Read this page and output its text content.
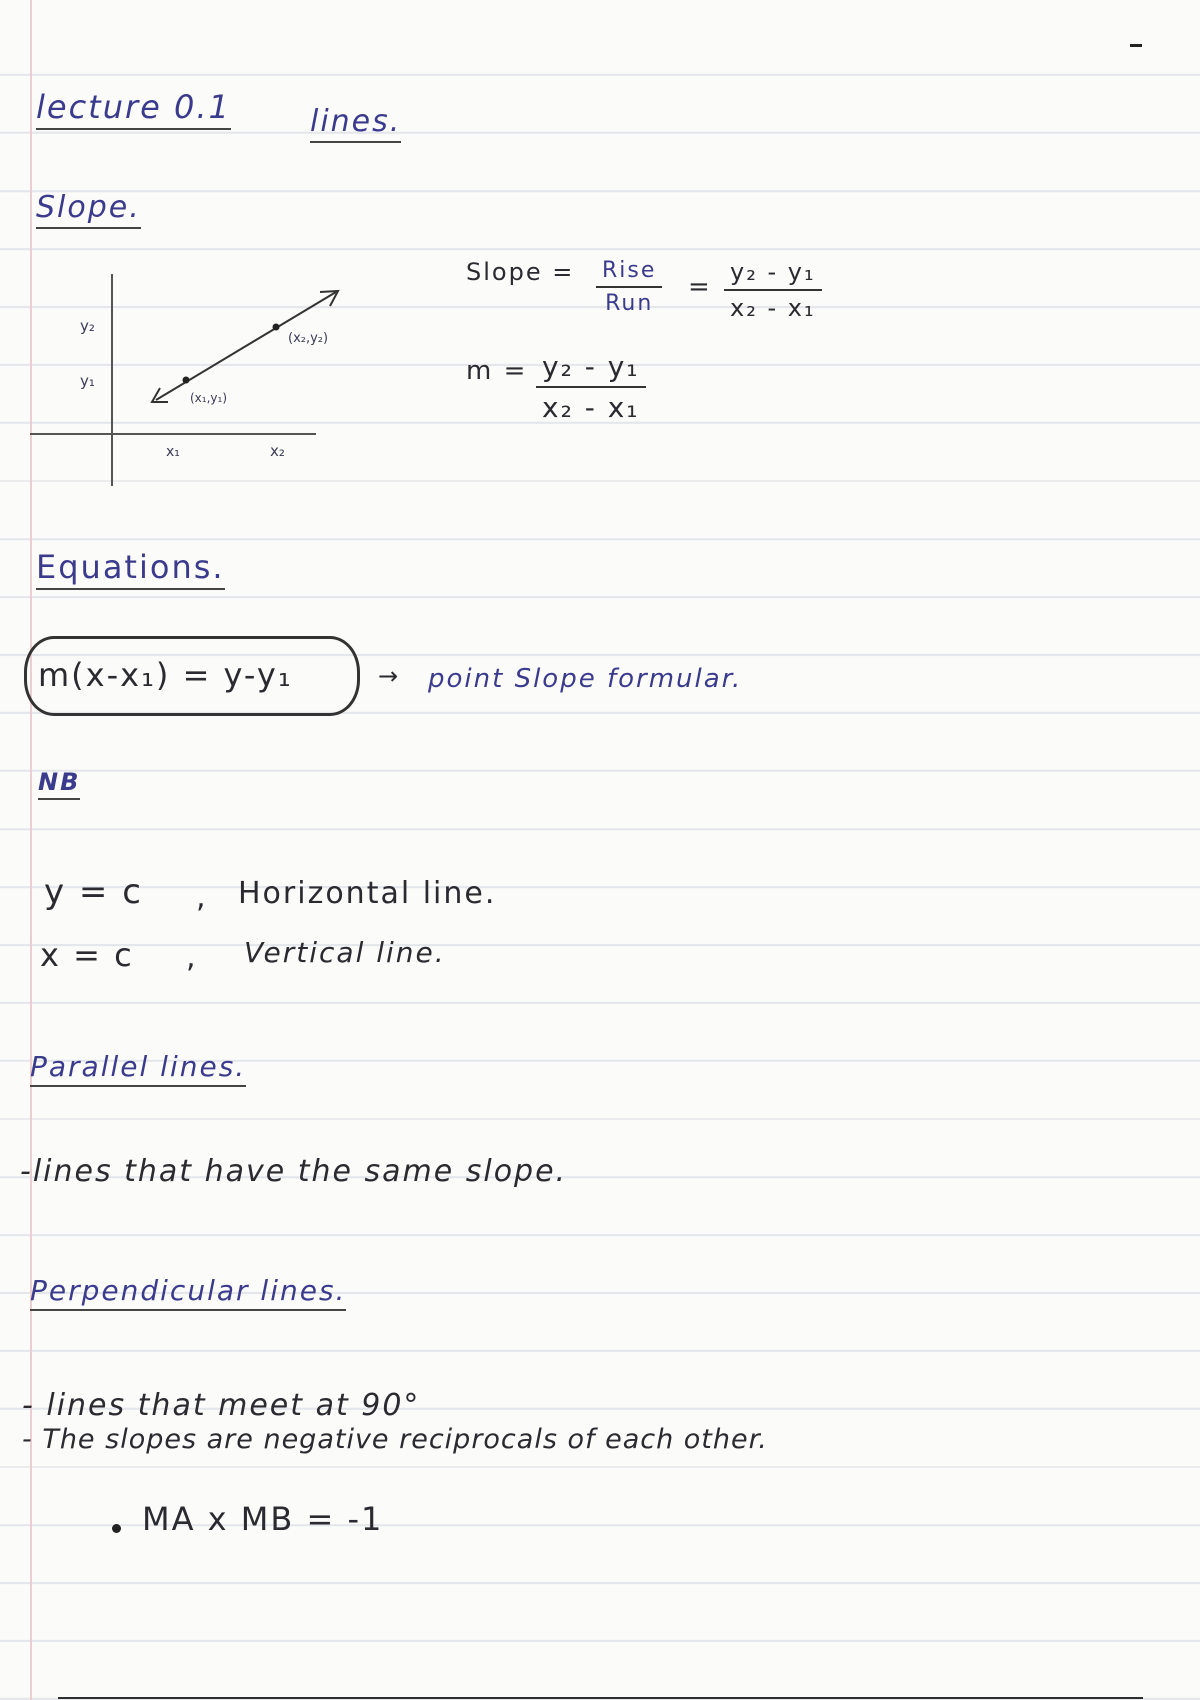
lecture 0.1	lines.
Slope.
Slope = Rise
Run
= $\frac{\text{y₂ - y₁}}{\text{x₂ - x₁}}$
$m = \frac{\text{y₂ - y₁}}{\text{x₂ - x₁}}$
y₂
y₁
x₁	x₂
(x₁,y₁)
(x₂,y₂)
Equations.
m(x-x₁) = y-y₁	→ point Slope formular.
NB
y = c , Horizontal line.
x = c , Vertical line.
Parallel lines.
-lines that have the same slope.
Perpendicular lines.
- lines that meet at 90°
- The slopes are negative reciprocals of each other.
MA x MB = -1
